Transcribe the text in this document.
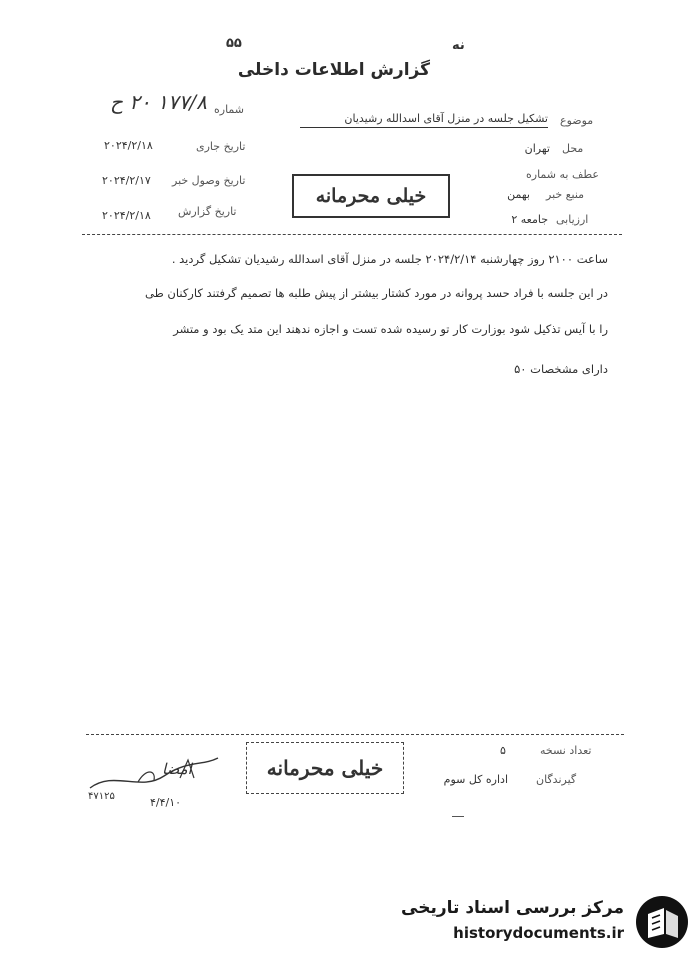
نه
۵۵
گزارش اطلاعات داخلی
شماره
۱۷۷/۸ ۲۰ ح
تاریخ جاری
۲۰۲۴/۲/۱۸
تاریخ وصول خبر
۲۰۲۴/۲/۱۷
تاریخ گزارش
۲۰۲۴/۲/۱۸
موضوع
تشکیل جلسه در منزل آقای اسدالله رشیدیان
محل
تهران
عطف به شماره
منبع خبر
بهمن
ارزیابی
جامعه ۲
خیلی محرمانه
ساعت ۲۱۰۰ روز چهارشنبه ۲۰۲۴/۲/۱۴ جلسه در منزل آقای اسدالله رشیدیان تشکیل گردید .
در این جلسه با فراد حسد پروانه در مورد کشتار بیشتر از پیش طلبه ها تصمیم گرفتند کارکنان طی
را با آیس تذکیل شود بوزارت کار تو رسیده شده تست و اجازه ندهند این متد یک بود و متشر
دارای مشخصات ۵۰
تعداد نسخه
۵
گیرندگان
اداره کل سوم
خیلی محرمانه
امضا
۴۷۱۲۵	۴/۴/۱۰
مرکز بررسی اسناد تاریخی
historydocuments.ir
